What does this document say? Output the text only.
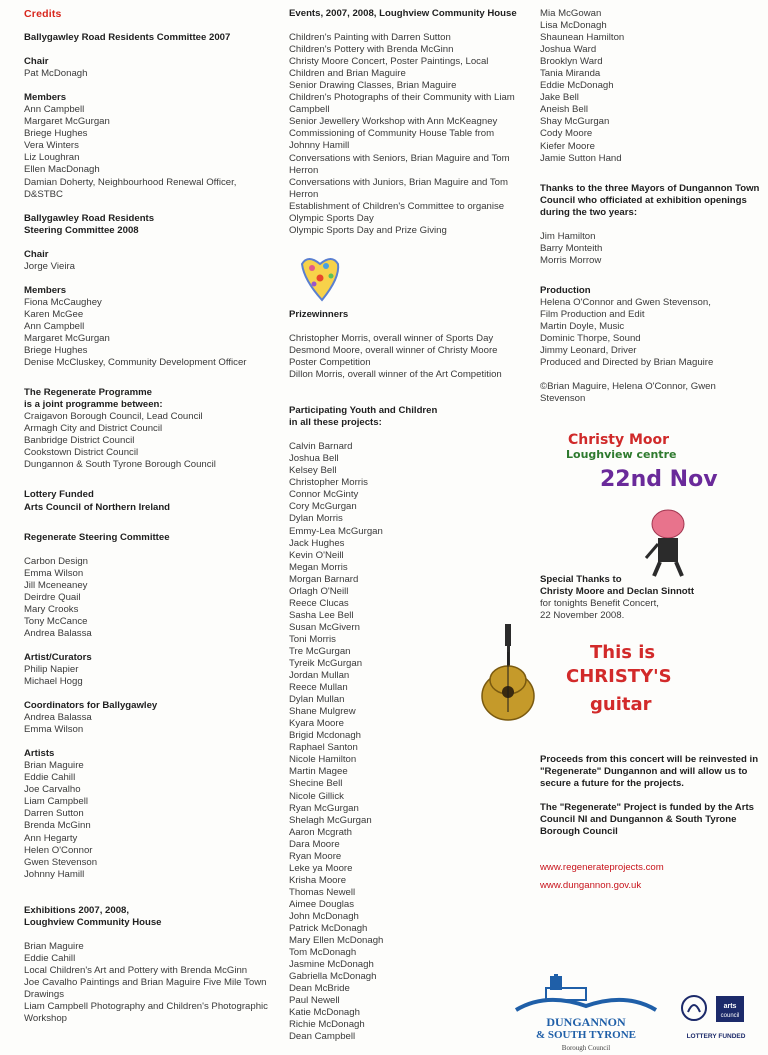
Credits
Ballygawley Road Residents Committee 2007
Chair
Pat McDonagh
Members
Ann Campbell
Margaret McGurgan
Briege Hughes
Vera Winters
Liz Loughran
Ellen MacDonagh
Damian Doherty, Neighbourhood Renewal Officer, D&STBC
Ballygawley Road Residents
Steering Committee 2008
Chair
Jorge Vieira
Members
Fiona McCaughey
Karen McGee
Ann Campbell
Margaret McGurgan
Briege Hughes
Denise McCluskey, Community Development Officer
The Regenerate Programme
is a joint programme between:
Craigavon Borough Council, Lead Council
Armagh City and District Council
Banbridge District Council
Cookstown District Council
Dungannon & South Tyrone Borough Council
Lottery Funded
Arts Council of Northern Ireland
Regenerate Steering Committee
Carbon Design
Emma Wilson
Jill Mceneaney
Deirdre Quail
Mary Crooks
Tony McCance
Andrea Balassa
Artist/Curators
Philip Napier
Michael Hogg
Coordinators for Ballygawley
Andrea Balassa
Emma Wilson
Artists
Brian Maguire
Eddie Cahill
Joe Carvalho
Liam Campbell
Darren Sutton
Brenda McGinn
Ann Hegarty
Helen O'Connor
Gwen Stevenson
Johnny Hamill
Exhibitions 2007, 2008,
Loughview Community House
Brian Maguire
Eddie Cahill
Local Children's Art and Pottery with Brenda McGinn
Joe Cavalho Paintings and Brian Maguire Five Mile Town Drawings
Liam Campbell Photography and Children's Photographic Workshop
Events, 2007, 2008, Loughview Community House
Children's Painting with Darren Sutton
Children's Pottery with Brenda McGinn
Christy Moore Concert, Poster Paintings, Local Children and Brian Maguire
Senior Drawing Classes, Brian Maguire
Children's Photographs of their Community with Liam Campbell
Senior Jewellery Workshop with Ann McKeagney
Commissioning of Community House Table from Johnny Hamill
Conversations with Seniors, Brian Maguire and Tom Herron
Conversations with Juniors, Brian Maguire and Tom Herron
Establishment of Children's Committee to organise Olympic Sports Day
Olympic Sports Day and Prize Giving
Prizewinners
Christopher Morris, overall winner of Sports Day
Desmond Moore, overall winner of Christy Moore Poster Competition
Dillon Morris, overall winner of the Art Competition
Participating Youth and Children
in all these projects:
Calvin Barnard
Joshua Bell
Kelsey Bell
Christopher Morris
Connor McGinty
Cory McGurgan
Dylan Morris
Emmy-Lea McGurgan
Jack Hughes
Kevin O'Neill
Megan Morris
Morgan Barnard
Orlagh O'Neill
Reece Clucas
Sasha Lee Bell
Susan McGivern
Toni Morris
Tre McGurgan
Tyreik McGurgan
Jordan Mullan
Reece Mullan
Dylan Mullan
Shane Mulgrew
Kyara Moore
Brigid Mcdonagh
Raphael Santon
Nicole Hamilton
Martin Magee
Shecine Bell
Nicole Gillick
Ryan McGurgan
Shelagh McGurgan
Aaron Mcgrath
Dara Moore
Ryan Moore
Leke ya Moore
Krisha Moore
Thomas Newell
Aimee Douglas
John McDonagh
Patrick McDonagh
Mary Ellen McDonagh
Tom McDonagh
Jasmine McDonagh
Gabriella McDonagh
Dean McBride
Paul Newell
Katie McDonagh
Richie McDonagh
Dean Campbell
Mia McGowan
Lisa McDonagh
Shaunean Hamilton
Joshua Ward
Brooklyn Ward
Tania Miranda
Eddie McDonagh
Jake Bell
Aneish Bell
Shay McGurgan
Cody Moore
Kiefer Moore
Jamie Sutton Hand
Thanks to the three Mayors of Dungannon Town Council who officiated at exhibition openings during the two years:
Jim Hamilton
Barry Monteith
Morris Morrow
Production
Helena O'Connor and Gwen Stevenson,
Film Production and Edit
Martin Doyle, Music
Dominic Thorpe, Sound
Jimmy Leonard, Driver
Produced and Directed by Brian Maguire
©Brian Maguire, Helena O'Connor, Gwen Stevenson
Special Thanks to
Christy Moore and Declan Sinnott
for tonights Benefit Concert,
22 November 2008.
Proceeds from this concert will be reinvested in "Regenerate" Dungannon and will allow us to secure a future for the projects.
The "Regenerate" Project is funded by the Arts Council NI and Dungannon & South Tyrone Borough Council
www.regenerateprojects.com
www.dungannon.gov.uk
Christy Moor
Loughview centre
22nd Nov
This is
CHRISTY'S
guitar
DUNGANNON
& SOUTH TYRONE
Borough Council
arts
council
LOTTERY FUNDED
